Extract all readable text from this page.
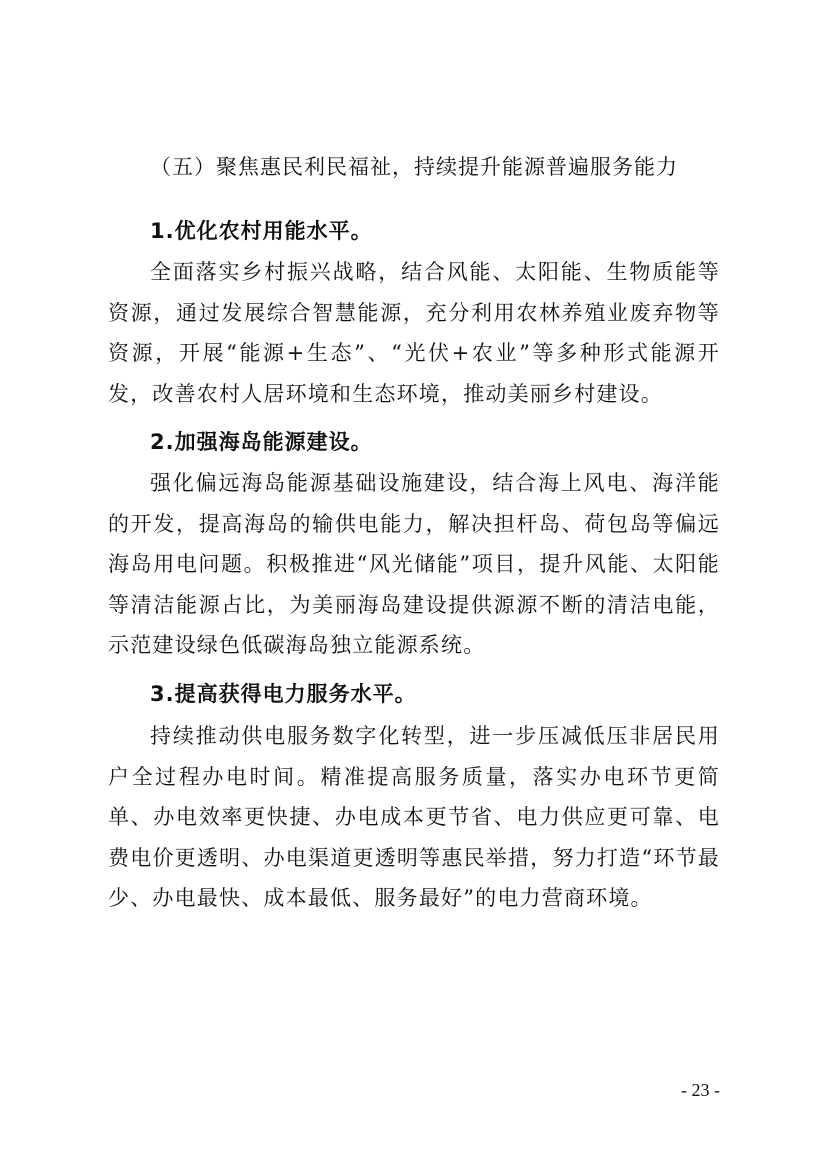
（五）聚焦惠民利民福祉，持续提升能源普遍服务能力
1.优化农村用能水平。
全面落实乡村振兴战略，结合风能、太阳能、生物质能等资源，通过发展综合智慧能源，充分利用农林养殖业废弃物等资源，开展“能源+生态”、“光伏+农业”等多种形式能源开发，改善农村人居环境和生态环境，推动美丽乡村建设。
2.加强海岛能源建设。
强化偏远海岛能源基础设施建设，结合海上风电、海洋能的开发，提高海岛的输供电能力，解决担杆岛、荷包岛等偏远海岛用电问题。积极推进“风光储能”项目，提升风能、太阳能等清洁能源占比，为美丽海岛建设提供源源不断的清洁电能，示范建设绿色低碳海岛独立能源系统。
3.提高获得电力服务水平。
持续推动供电服务数字化转型，进一步压减低压非居民用户全过程办电时间。精准提高服务质量，落实办电环节更简单、办电效率更快捷、办电成本更节省、电力供应更可靠、电费电价更透明、办电渠道更透明等惠民举措，努力打造“环节最少、办电最快、成本最低、服务最好”的电力营商环境。
- 23 -
